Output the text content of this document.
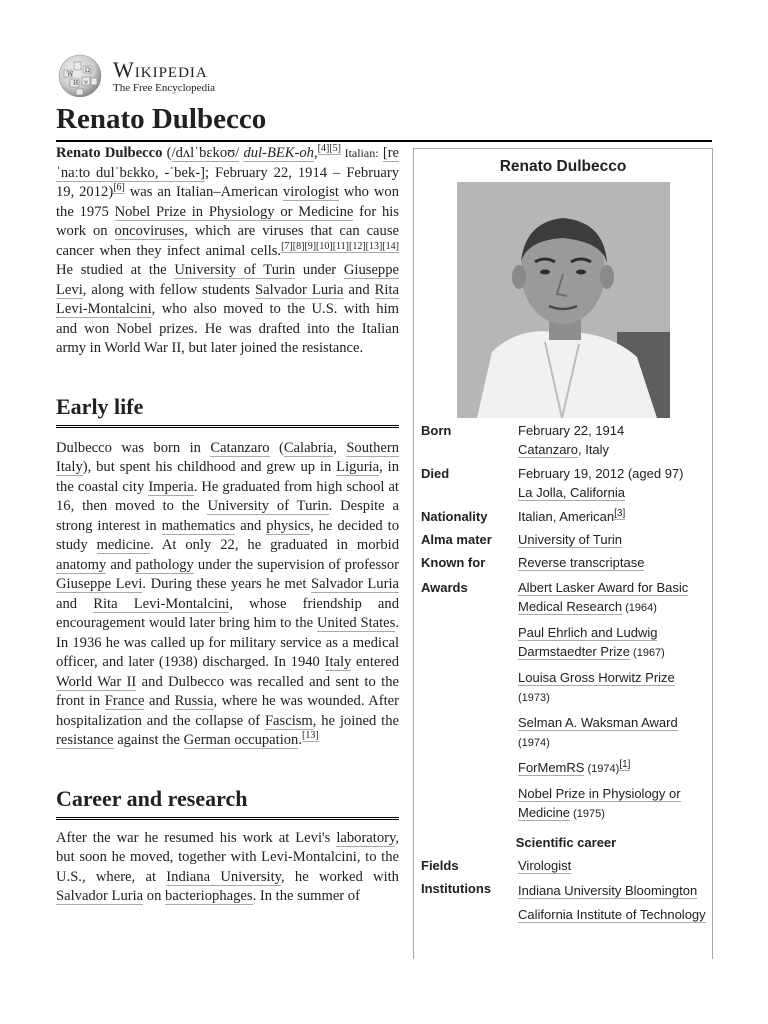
W
Ω
И ψ
Wikipedia
The Free Encyclopedia
Renato Dulbecco

Renato Dulbecco (/dʌlˈbɛkoʊ/ dul-BEK-oh,[4][5] Italian: [reˈnaːto dulˈbɛkko, -ˈbek-]; February 22, 1914 – February 19, 2012)[6] was an Italian–American virologist who won the 1975 Nobel Prize in Physiology or Medicine for his work on oncoviruses, which are viruses that can cause cancer when they infect animal cells.[7][8][9][10][11][12][13][14] He studied at the University of Turin under Giuseppe Levi, along with fellow students Salvador Luria and Rita Levi-Montalcini, who also moved to the U.S. with him and won Nobel prizes. He was drafted into the Italian army in World War II, but later joined the resistance.

Early life

Dulbecco was born in Catanzaro (Calabria, Southern Italy), but spent his childhood and grew up in Liguria, in the coastal city Imperia. He graduated from high school at 16, then moved to the University of Turin. Despite a strong interest in mathematics and physics, he decided to study medicine. At only 22, he graduated in morbid anatomy and pathology under the supervision of professor Giuseppe Levi. During these years he met Salvador Luria and Rita Levi-Montalcini, whose friendship and encouragement would later bring him to the United States. In 1936 he was called up for military service as a medical officer, and later (1938) discharged. In 1940 Italy entered World War II and Dulbecco was recalled and sent to the front in France and Russia, where he was wounded. After hospitalization and the collapse of Fascism, he joined the resistance against the German occupation.[13]

Career and research

After the war he resumed his work at Levi's laboratory, but soon he moved, together with Levi-Montalcini, to the U.S., where, at Indiana University, he worked with Salvador Luria on bacteriophages. In the summer of

Renato Dulbecco
Born	February 22, 1914
Catanzaro, Italy
Died	February 19, 2012 (aged 97)
La Jolla, California
Nationality	Italian, American[3]
Alma mater	University of Turin
Known for	Reverse transcriptase
Awards	Albert Lasker Award for Basic Medical Research (1964)
Paul Ehrlich and Ludwig Darmstaedter Prize (1967)
Louisa Gross Horwitz Prize
(1973)
Selman A. Waksman Award
(1974)
ForMemRS (1974)[1]
Nobel Prize in Physiology or Medicine (1975)
Scientific career
Fields	Virologist
Institutions	Indiana University Bloomington
California Institute of Technology
